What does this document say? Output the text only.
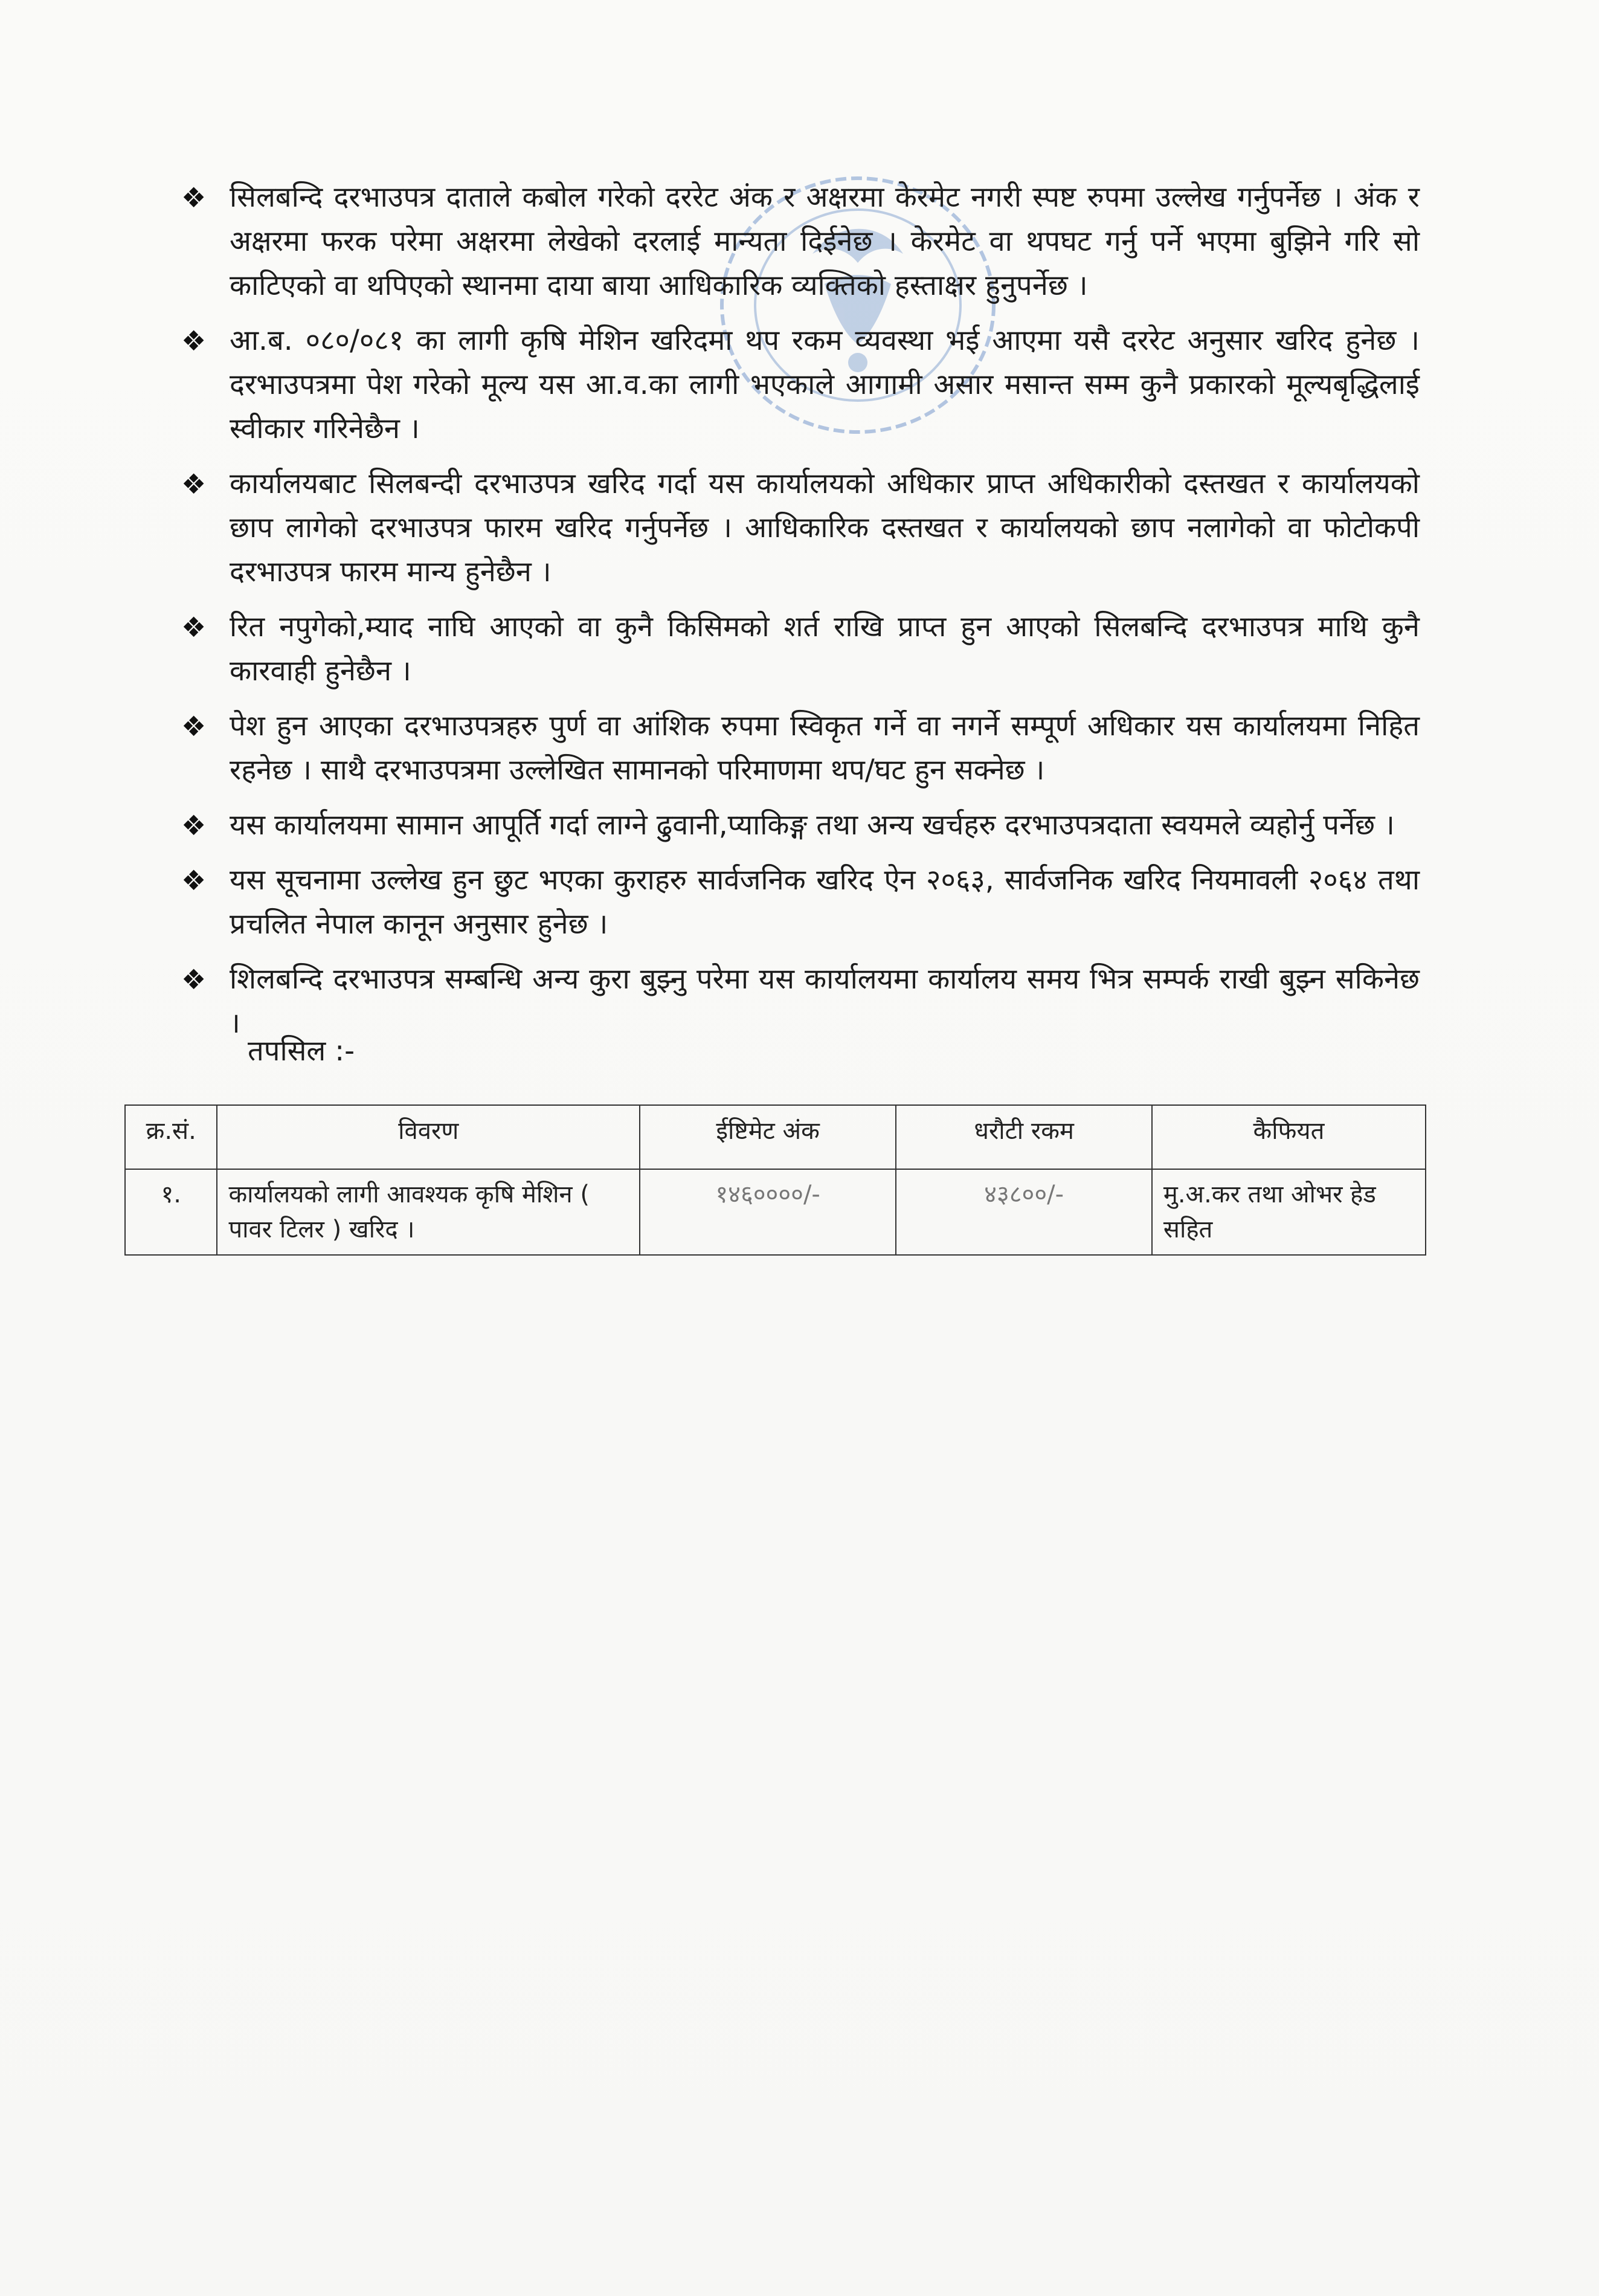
❖ सिलबन्दि दरभाउपत्र दाताले कबोल गरेको दररेट अंक र अक्षरमा केरमेट नगरी स्पष्ट रुपमा उल्लेख गर्नुपर्नेछ । अंक र अक्षरमा फरक परेमा अक्षरमा लेखेको दरलाई मान्यता दिईनेछ । केरमेट वा थपघट गर्नु पर्ने भएमा बुझिने गरि सो काटिएको वा थपिएको स्थानमा दाया बाया आधिकारिक व्यक्तिको हस्ताक्षर हुनुपर्नेछ ।
❖ आ.ब. ०८०/०८१ का लागी कृषि मेशिन खरिदमा थप रकम व्यवस्था भई आएमा यसै दररेट अनुसार खरिद हुनेछ । दरभाउपत्रमा पेश गरेको मूल्य यस आ.व.का लागी भएकाले आगामी असार मसान्त सम्म कुनै प्रकारको मूल्यबृद्धिलाई स्वीकार गरिनेछैन ।
❖ कार्यालयबाट सिलबन्दी दरभाउपत्र खरिद गर्दा यस कार्यालयको अधिकार प्राप्त अधिकारीको दस्तखत र कार्यालयको छाप लागेको दरभाउपत्र फारम खरिद गर्नुपर्नेछ । आधिकारिक दस्तखत र कार्यालयको छाप नलागेको वा फोटोकपी दरभाउपत्र फारम मान्य हुनेछैन ।
❖ रित नपुगेको,म्याद नाघि आएको वा कुनै किसिमको शर्त राखि प्राप्त हुन आएको सिलबन्दि दरभाउपत्र माथि कुनै कारवाही हुनेछैन ।
❖ पेश हुन आएका दरभाउपत्रहरु पुर्ण वा आंशिक रुपमा स्विकृत गर्ने वा नगर्ने सम्पूर्ण अधिकार यस कार्यालयमा निहित रहनेछ । साथै दरभाउपत्रमा उल्लेखित सामानको परिमाणमा थप/घट हुन सक्नेछ ।
❖ यस कार्यालयमा सामान आपूर्ति गर्दा लाग्ने ढुवानी,प्याकिङ्ग तथा अन्य खर्चहरु दरभाउपत्रदाता स्वयमले व्यहोर्नु पर्नेछ ।
❖ यस सूचनामा उल्लेख हुन छुट भएका कुराहरु सार्वजनिक खरिद ऐन २०६३, सार्वजनिक खरिद नियमावली २०६४ तथा प्रचलित नेपाल कानून अनुसार हुनेछ ।
❖ शिलबन्दि दरभाउपत्र सम्बन्धि अन्य कुरा बुझ्नु परेमा यस कार्यालयमा कार्यालय समय भित्र सम्पर्क राखी बुझ्न सकिनेछ ।
तपसिल :-
क्र.सं.	विवरण	ईष्टिमेट अंक	धरौटी रकम	कैफियत
१.	कार्यालयको लागी आवश्यक कृषि मेशिन ( पावर टिलर ) खरिद ।	१४६००००/-	४३८००/-	मु.अ.कर तथा ओभर हेड सहित
